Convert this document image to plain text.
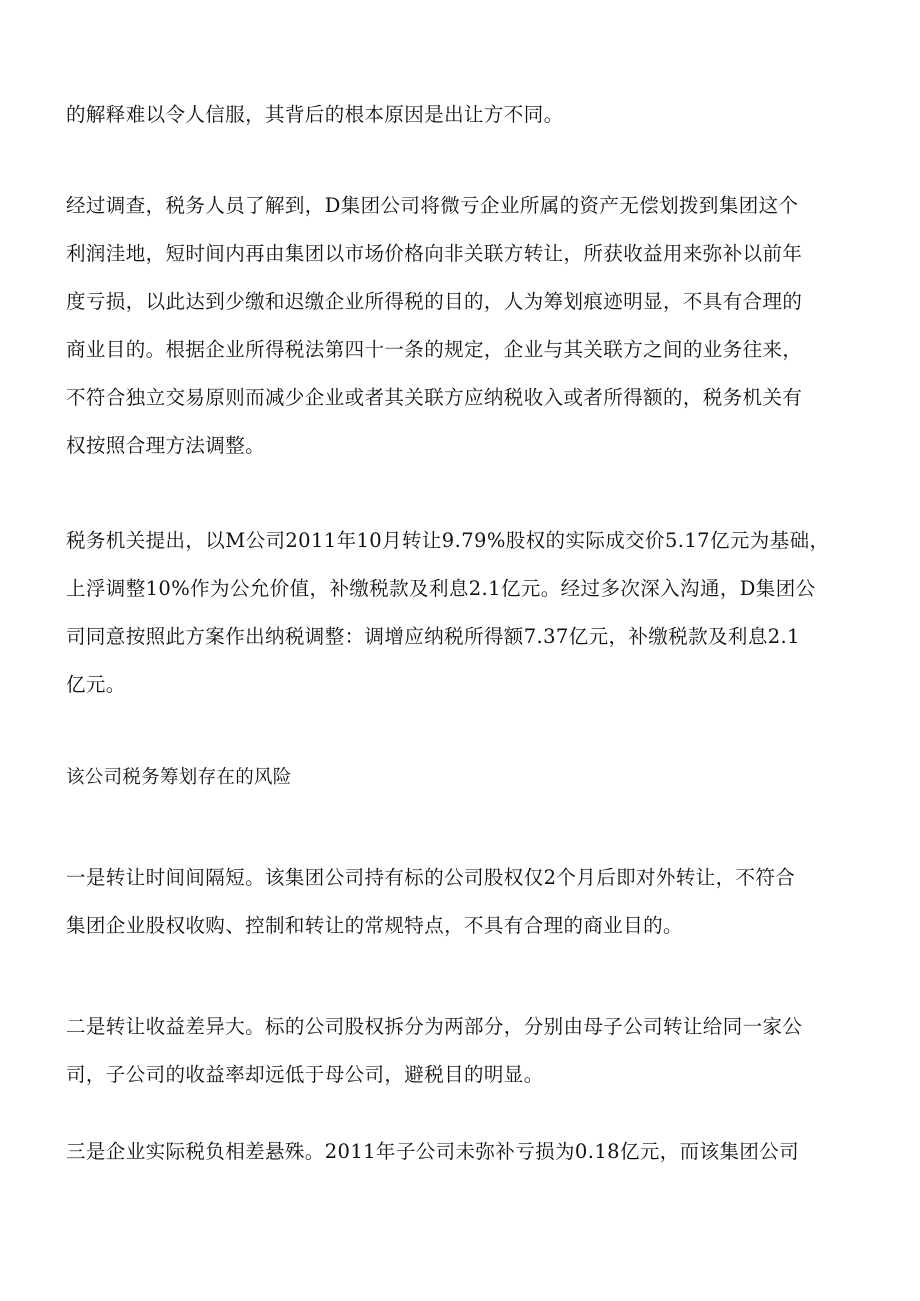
的解释难以令人信服，其背后的根本原因是出让方不同。
经过调查，税务人员了解到，D集团公司将微亏企业所属的资产无偿划拨到集团这个
利润洼地，短时间内再由集团以市场价格向非关联方转让，所获收益用来弥补以前年
度亏损，以此达到少缴和迟缴企业所得税的目的，人为筹划痕迹明显，不具有合理的
商业目的。根据企业所得税法第四十一条的规定，企业与其关联方之间的业务往来，
不符合独立交易原则而减少企业或者其关联方应纳税收入或者所得额的，税务机关有
权按照合理方法调整。
税务机关提出，以M公司2011年10月转让9.79%股权的实际成交价5.17亿元为基础，
上浮调整10%作为公允价值，补缴税款及利息2.1亿元。经过多次深入沟通，D集团公
司同意按照此方案作出纳税调整：调增应纳税所得额7.37亿元，补缴税款及利息2.1
亿元。
该公司税务筹划存在的风险
一是转让时间间隔短。该集团公司持有标的公司股权仅2个月后即对外转让，不符合
集团企业股权收购、控制和转让的常规特点，不具有合理的商业目的。
二是转让收益差异大。标的公司股权拆分为两部分，分别由母子公司转让给同一家公
司，子公司的收益率却远低于母公司，避税目的明显。
三是企业实际税负相差悬殊。2011年子公司未弥补亏损为0.18亿元，而该集团公司
